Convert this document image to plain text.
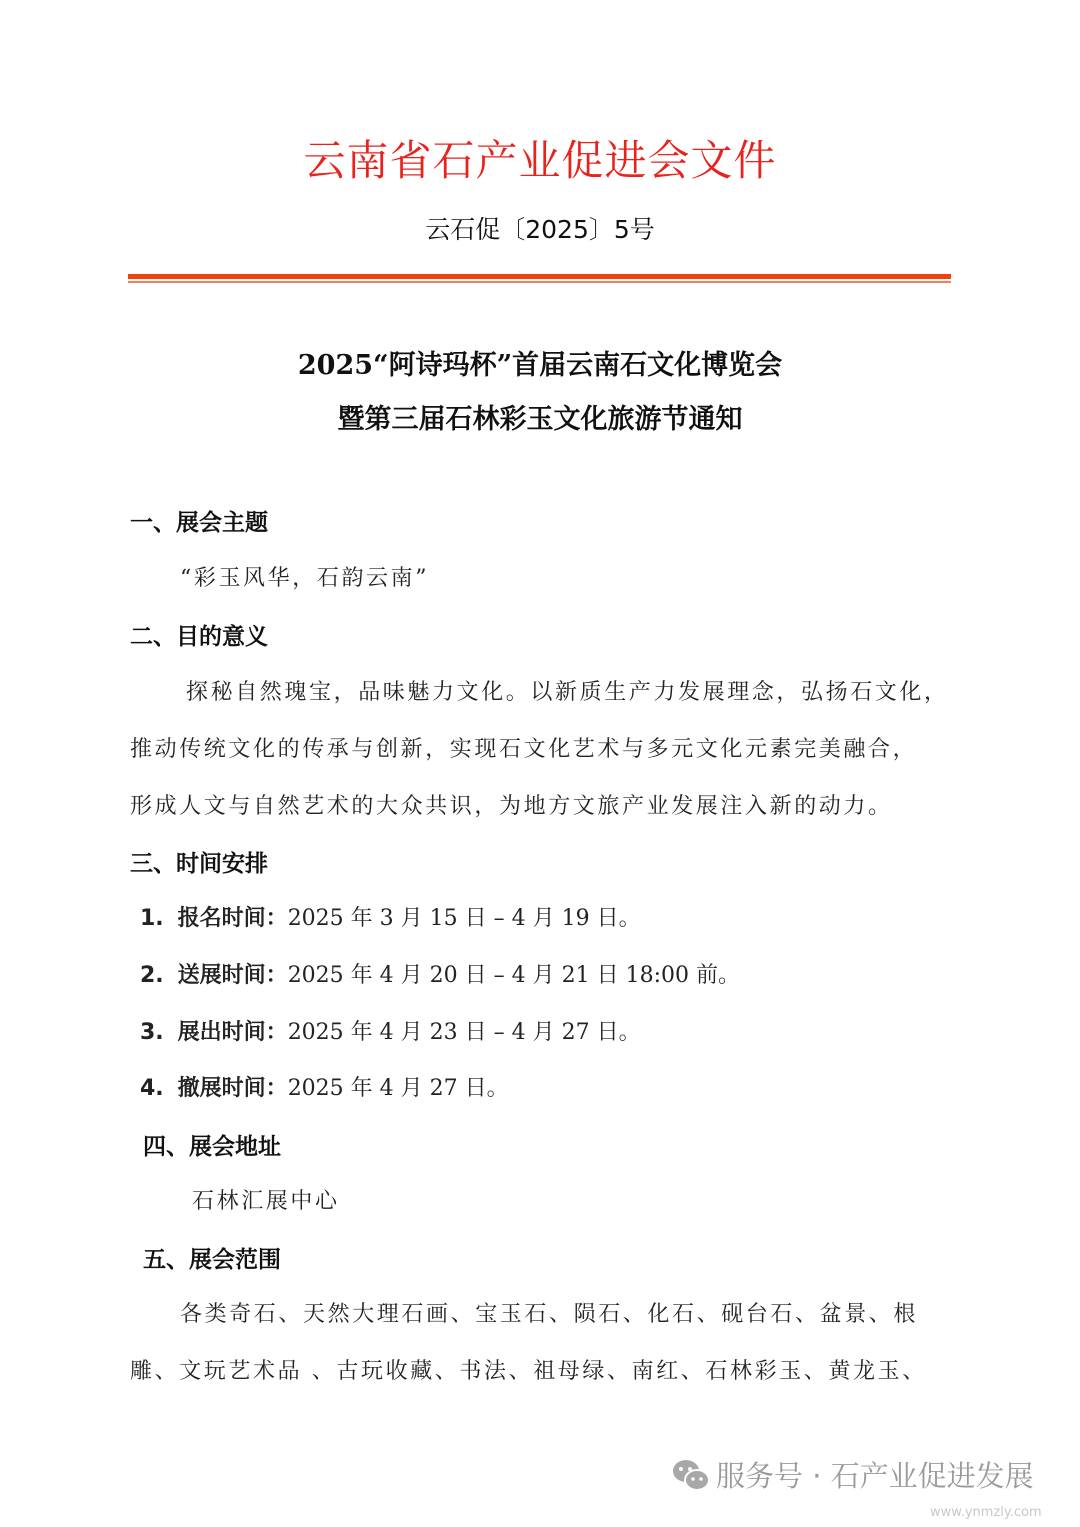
云南省石产业促进会文件
云石促〔2025〕5号
2025“阿诗玛杯”首届云南石文化博览会
暨第三届石林彩玉文化旅游节通知
一、展会主题
“彩玉风华，石韵云南”
二、目的意义
探秘自然瑰宝，品味魅力文化。以新质生产力发展理念，弘扬石文化，
推动传统文化的传承与创新，实现石文化艺术与多元文化元素完美融合，
形成人文与自然艺术的大众共识，为地方文旅产业发展注入新的动力。
三、时间安排
1. 报名时间：2025 年 3 月 15 日 – 4 月 19 日。
2. 送展时间：2025 年 4 月 20 日 – 4 月 21 日 18:00 前。
3. 展出时间：2025 年 4 月 23 日 – 4 月 27 日。
4. 撤展时间：2025 年 4 月 27 日。
四、展会地址
石林汇展中心
五、展会范围
各类奇石、天然大理石画、宝玉石、陨石、化石、砚台石、盆景、根
雕、文玩艺术品 、古玩收藏、书法、祖母绿、南红、石林彩玉、黄龙玉、
服务号 · 石产业促进发展
www.ynmzly.com
